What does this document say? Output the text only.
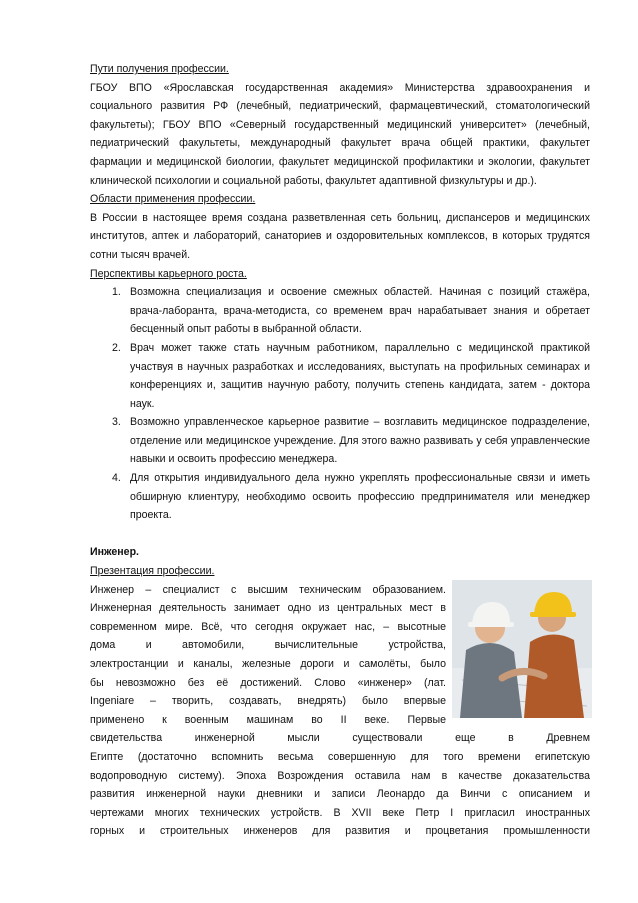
Пути получения профессии.

ГБОУ ВПО «Ярославская государственная академия» Министерства здравоохранения и социального развития РФ (лечебный, педиатрический, фармацевтический, стоматологический факультеты); ГБОУ ВПО «Северный государственный медицинский университет» (лечебный, педиатрический факультеты, международный факультет врача общей практики, факультет фармации и медицинской биологии, факультет медицинской профилактики и экологии, факультет клинической психологии и социальной работы, факультет адаптивной физкультуры и др.).

Области применения профессии.

В России в настоящее время создана разветвленная сеть больниц, диспансеров и медицинских институтов, аптек и лабораторий, санаториев и оздоровительных комплексов, в которых трудятся сотни тысяч врачей.

Перспективы карьерного роста.
1. Возможна специализация и освоение смежных областей. Начиная с позиций стажёра, врача-лаборанта, врача-методиста, со временем врач нарабатывает знания и обретает бесценный опыт работы в выбранной области.
2. Врач может также стать научным работником, параллельно с медицинской практикой участвуя в научных разработках и исследованиях, выступать на профильных семинарах и конференциях и, защитив научную работу, получить степень кандидата, затем - доктора наук.
3. Возможно управленческое карьерное развитие – возглавить медицинское подразделение, отделение или медицинское учреждение. Для этого важно развивать у себя управленческие навыки и освоить профессию менеджера.
4. Для открытия индивидуального дела нужно укреплять профессиональные связи и иметь обширную клиентуру, необходимо освоить профессию предпринимателя или менеджер проекта.
Инженер.
Презентация профессии.
Инженер – специалист с высшим техническим образованием.
Инженерная деятельность занимает одно из центральных мест в
современном мире. Всё, что сегодня окружает нас, – высотные
дома и автомобили, вычислительные устройства,
электростанции и каналы, железные дороги и самолёты, было
бы невозможно без её достижений. Слово «инженер» (лат.
Ingeniare – творить, создавать, внедрять) было впервые
применено к военным машинам во II веке. Первые
свидетельства инженерной мысли существовали еще в Древнем
Египте (достаточно вспомнить весьма совершенную для того времени египетскую
водопроводную систему). Эпоха Возрождения оставила нам в качестве доказательства
развития инженерной науки дневники и записи Леонардо да Винчи с описанием и
чертежами многих технических устройств. В XVII веке Петр I пригласил иностранных
горных и строительных инженеров для развития и процветания промышленности
